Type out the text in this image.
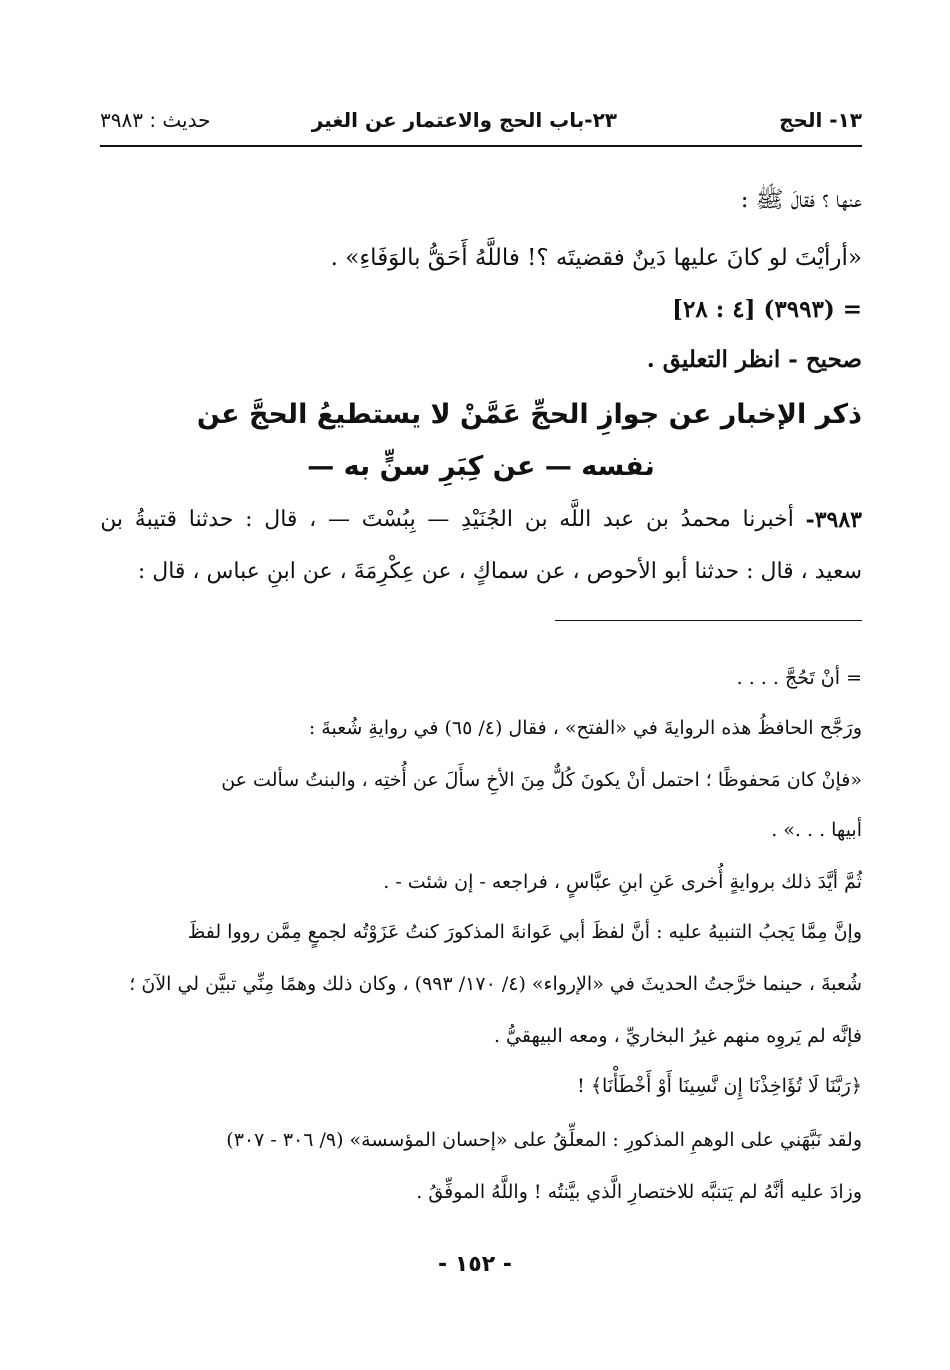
١٣- الحج
٢٣-باب الحج والاعتمار عن الغير
حديث : ٣٩٨٣
عنها ؟ فقالَ ﷺ :
«أرأيْتَ لو كانَ عليها دَينٌ فقضيتَه ؟! فاللَّهُ أَحَقُّ بالوَفَاءِ» .
= (٣٩٩٣) [٤ : ٢٨]
صحيح - انظر التعليق .
ذكر الإخبار عن جوازِ الحجِّ عَمَّنْ لا يستطيعُ الحجَّ عن
نفسه — عن كِبَرِ سنٍّ به —
٣٩٨٣-
أخبرنا
محمدُ
بن
عبد
اللَّه
بن
الجُنَيْدِ
—
بِبُسْتَ
—
،
قال
:
حدثنا
قتيبةُ
بن
سعيد ، قال : حدثنا أبو الأحوص ، عن سماكٍ ، عن عِكْرِمَةَ ، عن ابنِ عباس ، قال :
= أنْ تَحُجَّ . . . .
ورَجَّح الحافظُ هذه الروايةَ في «الفتح» ، فقال (٤/ ٦٥) في روايةِ شُعبةَ :
«فإنْ كان مَحفوظًا ؛ احتمل أنْ يكونَ كُلٌّ مِنَ الأخِ سأَلَ عن أُختِه ، والبنتُ سألت عن
أبيها . . .» .
ثُمَّ أيَّدَ ذلك بروايةٍ أُخرى عَنِ ابنِ عبَّاسٍ ، فراجعه - إن شئت - .
وإنَّ مِمَّا يَجبُ التنبيهُ عليه : أنَّ لفظَ أبي عَوانةَ المذكورَ كنتُ عَزَوْتُه لجمعٍ مِمَّن رووا لفظَ
شُعبةَ ، حينما خرَّجتُ الحديثَ في «الإرواء» (٤/ ١٧٠/ ٩٩٣) ، وكان ذلك وهمًا مِنِّي تبيَّن لي الآنَ ؛
فإنَّه لم يَروِه منهم غيرُ البخاريِّ ، ومعه البيهقيُّ .
﴿رَبَّنَا لَا تُؤَاخِذْنَا إِن نَّسِينَا أَوْ أَخْطَأْنَا﴾ !
ولقد نَبَّهَني على الوهمِ المذكورِ : المعلِّقُ على «إحسان المؤسسة» (٩/ ٣٠٦ - ٣٠٧)
وزادَ عليه أنَّهُ لم يَتنبَّه للاختصارِ الَّذي بيَّنتُه ! واللَّهُ الموفِّقُ .
- ١٥٢ -
